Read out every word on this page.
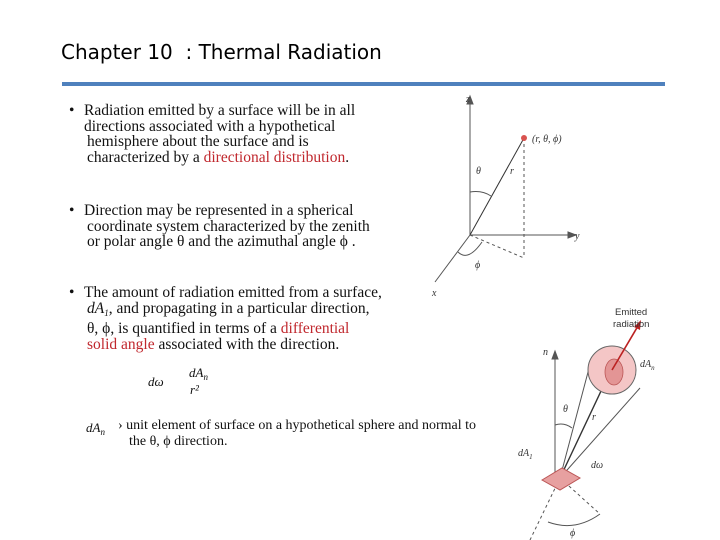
Chapter 10  : Thermal Radiation
• Radiation emitted by a surface will be in all
directions associated with a hypothetical
hemisphere about the surface and is
characterized by a directional distribution.
• Direction may be represented in a spherical
coordinate system characterized by the zenith
or polar angle θ and the azimuthal angle ϕ .
• The amount of radiation emitted from a surface,
$dA_1$, and propagating in a particular direction,
θ, ϕ, is quantified in terms of a differential
solid angle associated with the direction.
dω
$dA_n$
r²
$dA_n$ › unit element of surface on a hypothetical sphere and normal to
the θ, ϕ direction.
z
y
x
(r, θ, ϕ)
r
θ
ϕ
Emitted
radiation
n
$dA_n$
r
θ
$dA_1$
dω
ϕ
